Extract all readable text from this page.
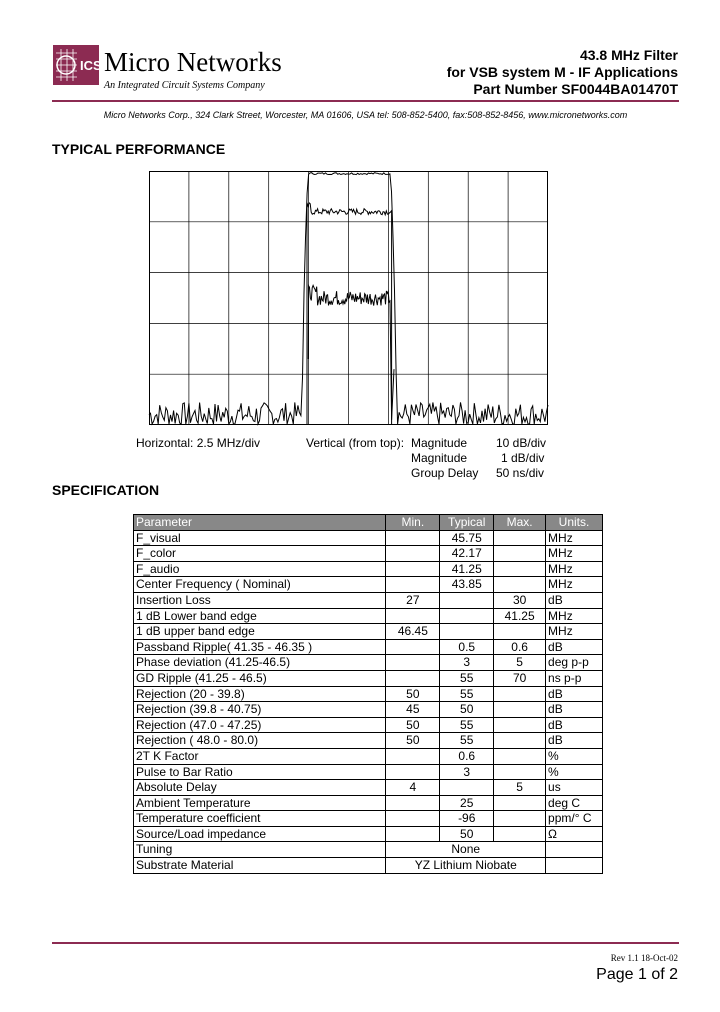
ICS Micro Networks
An Integrated Circuit Systems Company
43.8 MHz Filter
for VSB system M - IF Applications
Part Number SF0044BA01470T
Micro Networks Corp., 324 Clark Street, Worcester, MA 01606, USA tel: 508-852-5400, fax:508-852-8456, www.micronetworks.com
TYPICAL PERFORMANCE
Horizontal: 2.5 MHz/div	Vertical (from top): Magnitude
Magnitude
Group Delay
10 dB/div
1 dB/div
50 ns/div
SPECIFICATION
Parameter	Min.	Typical	Max.	Units.
F_visual		45.75		MHz
F_color		42.17		MHz
F_audio		41.25		MHz
Center Frequency ( Nominal)		43.85		MHz
Insertion Loss	27		30	dB
1 dB Lower band edge			41.25	MHz
1 dB upper band edge	46.45			MHz
Passband Ripple( 41.35 - 46.35 )		0.5	0.6	dB
Phase deviation (41.25-46.5)		3	5	deg p-p
GD Ripple (41.25 - 46.5)		55	70	ns p-p
Rejection (20 - 39.8)	50	55		dB
Rejection (39.8 - 40.75)	45	50		dB
Rejection (47.0 - 47.25)	50	55		dB
Rejection ( 48.0 - 80.0)	50	55		dB
2T K Factor		0.6		%
Pulse to Bar Ratio		3		%
Absolute Delay	4		5	us
Ambient Temperature		25		deg C
Temperature coefficient		-96		ppm/° C
Source/Load impedance		50		Ω
Tuning	None			
Substrate Material	YZ Lithium Niobate			
Rev 1.1 18-Oct-02
Page 1 of 2
